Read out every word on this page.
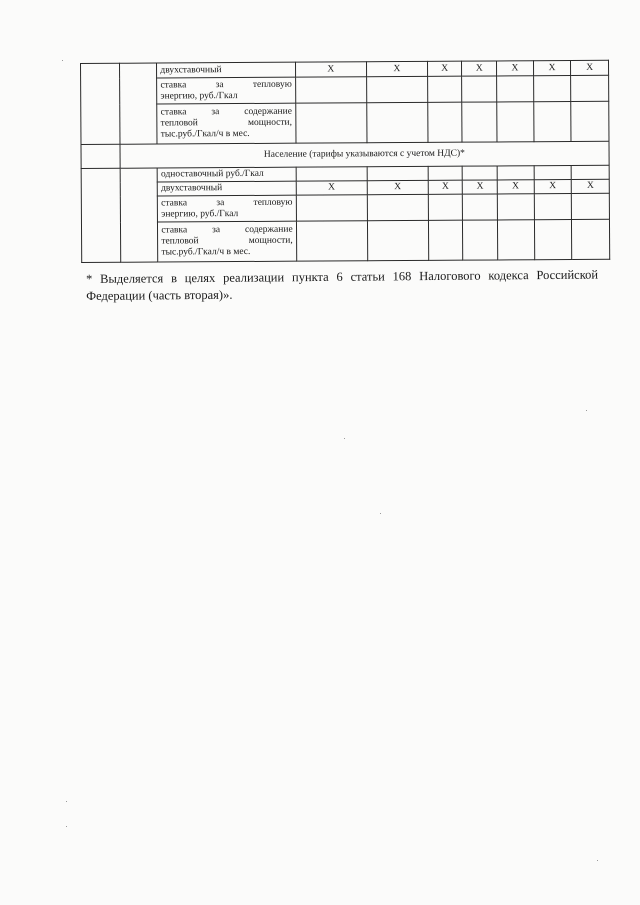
		двухставочный	X	X	X	X	X	X	X
		ставка за тепловую
энергию, руб./Гкал							

		ставка за содержание
тепловой мощности,
тыс.руб./Гкал/ч в мес.							

	Население (тарифы указываются с учетом НДС)*								
		одноставочный руб./Гкал							
		двухставочный	X	X	X	X	X	X	X
		ставка за тепловую
энергию, руб./Гкал							

		ставка за содержание
тепловой мощности,
тыс.руб./Гкал/ч в мес.							

* Выделяется в целях реализации пункта 6 статьи 168 Налогового кодекса Российской
Федерации (часть вторая)».
